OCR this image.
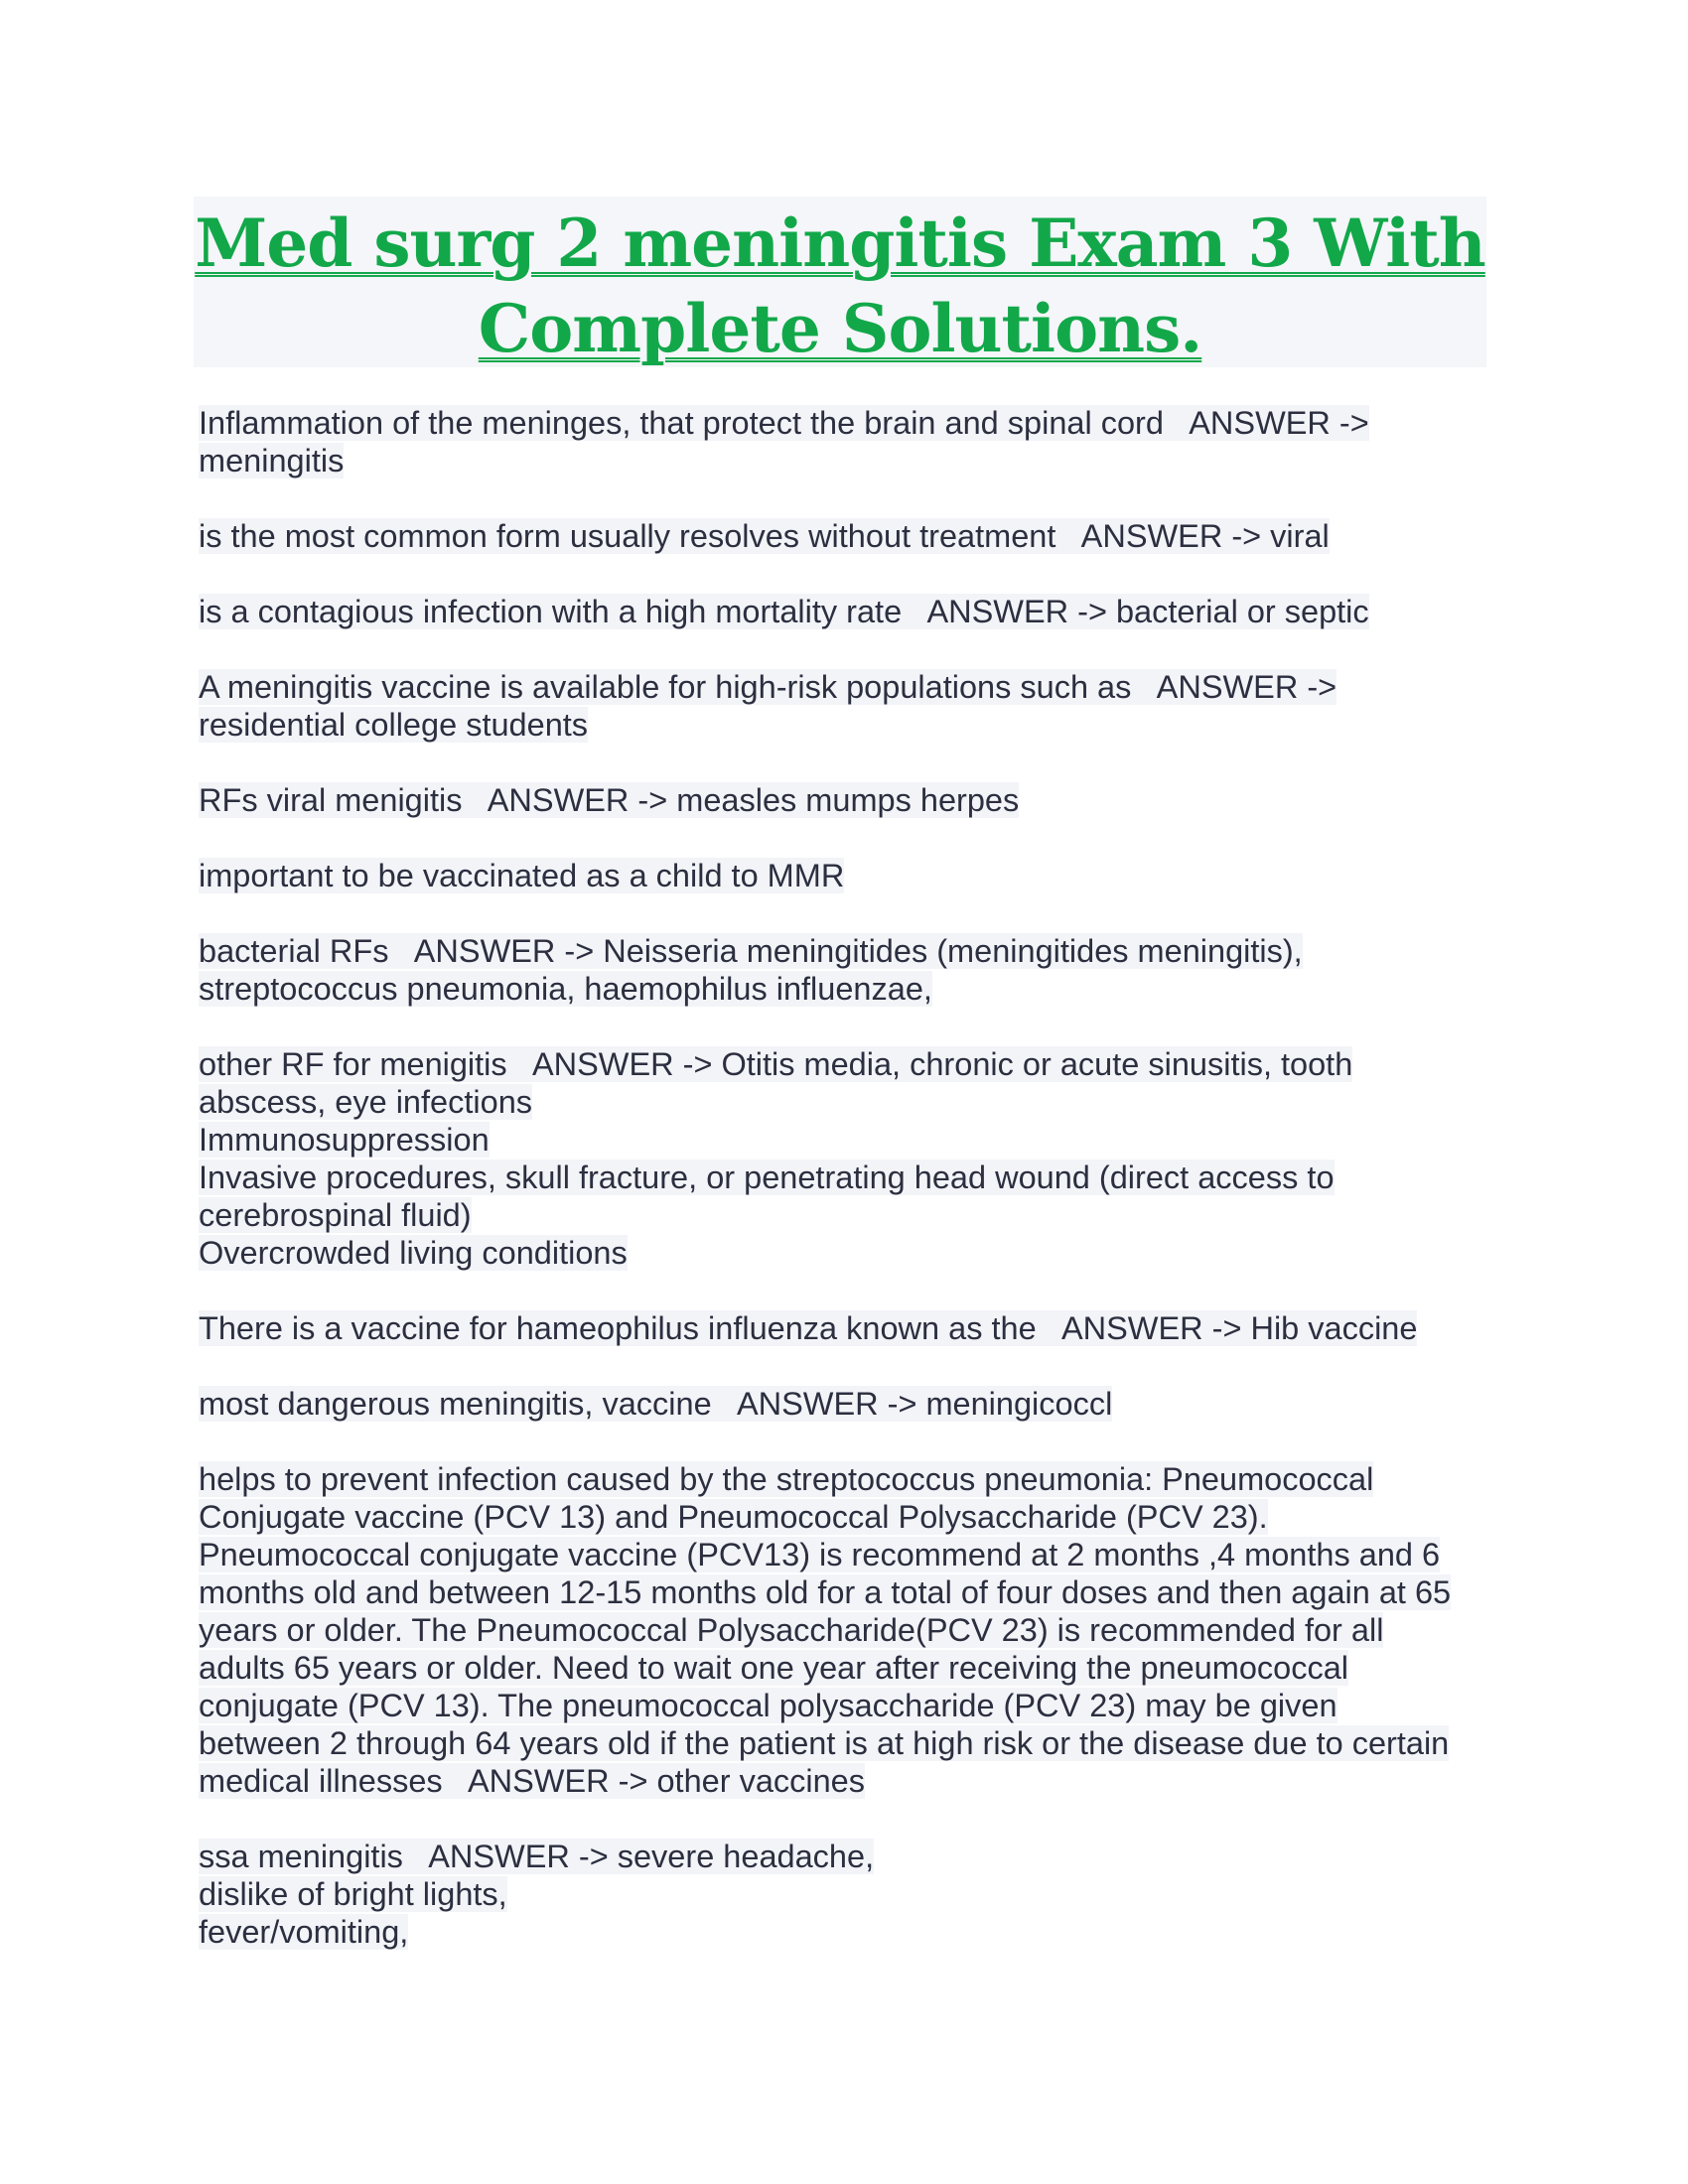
Med surg 2 meningitis Exam 3 With
Complete Solutions.
Inflammation of the meninges, that protect the brain and spinal cord   ANSWER ->
meningitis
is the most common form usually resolves without treatment   ANSWER -> viral
is a contagious infection with a high mortality rate   ANSWER -> bacterial or septic
A meningitis vaccine is available for high-risk populations such as   ANSWER ->
residential college students
RFs viral menigitis   ANSWER -> measles mumps herpes
important to be vaccinated as a child to MMR
bacterial RFs   ANSWER -> Neisseria meningitides (meningitides meningitis),
streptococcus pneumonia, haemophilus influenzae,
other RF for menigitis   ANSWER -> Otitis media, chronic or acute sinusitis, tooth
abscess, eye infections
Immunosuppression
Invasive procedures, skull fracture, or penetrating head wound (direct access to
cerebrospinal fluid)
Overcrowded living conditions
There is a vaccine for hameophilus influenza known as the   ANSWER -> Hib vaccine
most dangerous meningitis, vaccine   ANSWER -> meningicoccl
helps to prevent infection caused by the streptococcus pneumonia: Pneumococcal
Conjugate vaccine (PCV 13) and Pneumococcal Polysaccharide (PCV 23).
Pneumococcal conjugate vaccine (PCV13) is recommend at 2 months ,4 months and 6
months old and between 12-15 months old for a total of four doses and then again at 65
years or older. The Pneumococcal Polysaccharide(PCV 23) is recommended for all
adults 65 years or older. Need to wait one year after receiving the pneumococcal
conjugate (PCV 13). The pneumococcal polysaccharide (PCV 23) may be given
between 2 through 64 years old if the patient is at high risk or the disease due to certain
medical illnesses   ANSWER -> other vaccines
ssa meningitis   ANSWER -> severe headache,
dislike of bright lights,
fever/vomiting,
